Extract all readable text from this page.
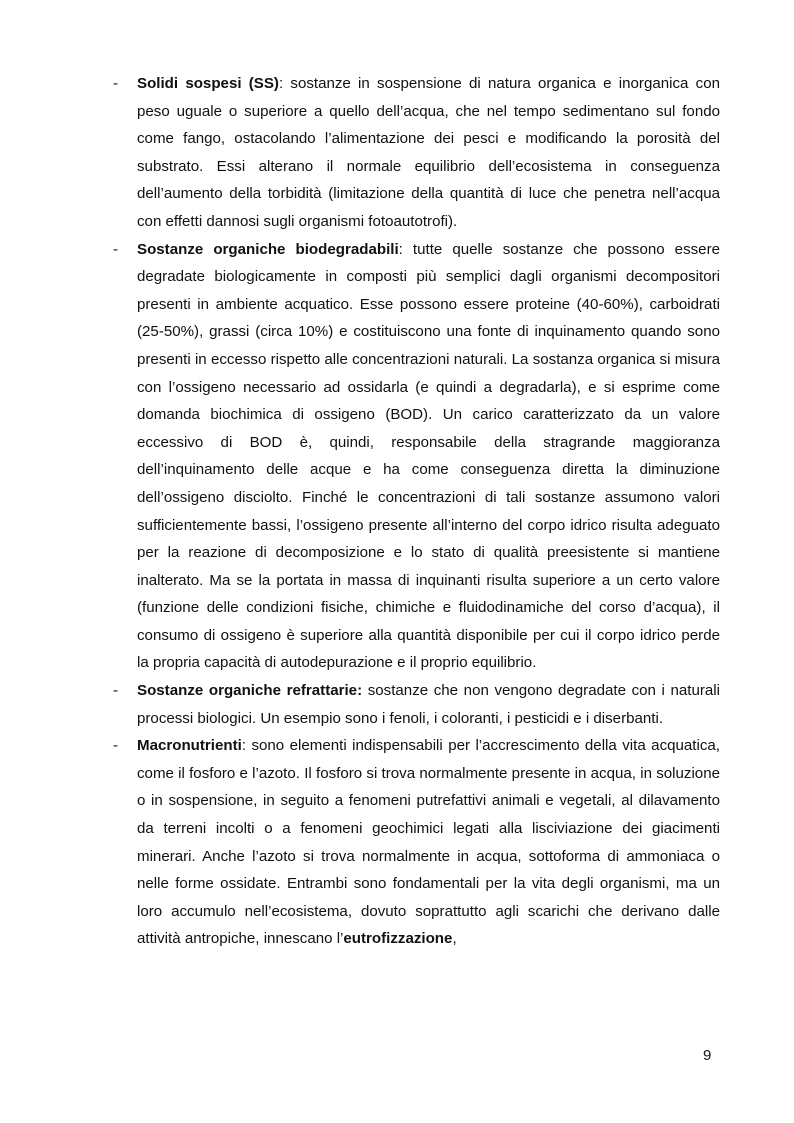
- Solidi sospesi (SS): sostanze in sospensione di natura organica e inorganica con peso uguale o superiore a quello dell’acqua, che nel tempo sedimentano sul fondo come fango, ostacolando l’alimentazione dei pesci e modificando la porosità del substrato. Essi alterano il normale equilibrio dell’ecosistema in conseguenza dell’aumento della torbidità (limitazione della quantità di luce che penetra nell’acqua con effetti dannosi sugli organismi fotoautotrofi).
- Sostanze organiche biodegradabili: tutte quelle sostanze che possono essere degradate biologicamente in composti più semplici dagli organismi decompositori presenti in ambiente acquatico. Esse possono essere proteine (40-60%), carboidrati (25-50%), grassi (circa 10%) e costituiscono una fonte di inquinamento quando sono presenti in eccesso rispetto alle concentrazioni naturali. La sostanza organica si misura con l’ossigeno necessario ad ossidarla (e quindi a degradarla), e si esprime come domanda biochimica di ossigeno (BOD). Un carico caratterizzato da un valore eccessivo di BOD è, quindi, responsabile della stragrande maggioranza dell’inquinamento delle acque e ha come conseguenza diretta la diminuzione dell’ossigeno disciolto. Finché le concentrazioni di tali sostanze assumono valori sufficientemente bassi, l’ossigeno presente all’interno del corpo idrico risulta adeguato per la reazione di decomposizione e lo stato di qualità preesistente si mantiene inalterato. Ma se la portata in massa di inquinanti risulta superiore a un certo valore (funzione delle condizioni fisiche, chimiche e fluidodinamiche del corso d’acqua), il consumo di ossigeno è superiore alla quantità disponibile per cui il corpo idrico perde la propria capacità di autodepurazione e il proprio equilibrio.
- Sostanze organiche refrattarie: sostanze che non vengono degradate con i naturali processi biologici. Un esempio sono i fenoli, i coloranti, i pesticidi e i diserbanti.
- Macronutrienti: sono elementi indispensabili per l’accrescimento della vita acquatica, come il fosforo e l’azoto. Il fosforo si trova normalmente presente in acqua, in soluzione o in sospensione, in seguito a fenomeni putrefattivi animali e vegetali, al dilavamento da terreni incolti o a fenomeni geochimici legati alla lisciviazione dei giacimenti minerari. Anche l’azoto si trova normalmente in acqua, sottoforma di ammoniaca o nelle forme ossidate. Entrambi sono fondamentali per la vita degli organismi, ma un loro accumulo nell’ecosistema, dovuto soprattutto agli scarichi che derivano dalle attività antropiche, innescano l’eutrofizzazione,
9
